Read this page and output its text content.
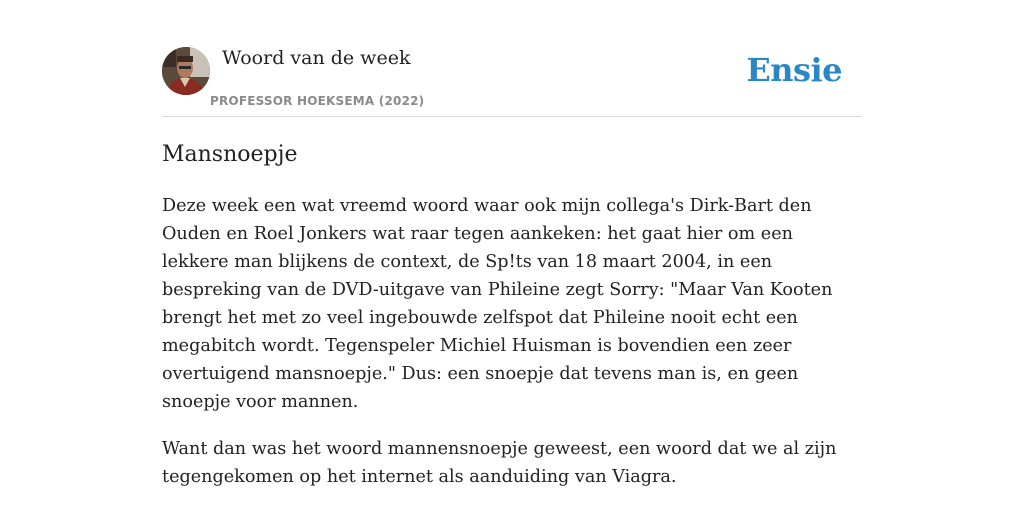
Woord van de week
PROFESSOR HOEKSEMA (2022)
Ensie
Mansnoepje

Deze week een wat vreemd woord waar ook mijn collega's Dirk-Bart den Ouden en Roel Jonkers wat raar tegen aankeken: het gaat hier om een lekkere man blijkens de context, de Sp!ts van 18 maart 2004, in een bespreking van de DVD-uitgave van Phileine zegt Sorry: "Maar Van Kooten brengt het met zo veel ingebouwde zelfspot dat Phileine nooit echt een megabitch wordt. Tegenspeler Michiel Huisman is bovendien een zeer overtuigend mansnoepje." Dus: een snoepje dat tevens man is, en geen snoepje voor mannen.

Want dan was het woord mannensnoepje geweest, een woord dat we al zijn tegengekomen op het internet als aanduiding van Viagra.
